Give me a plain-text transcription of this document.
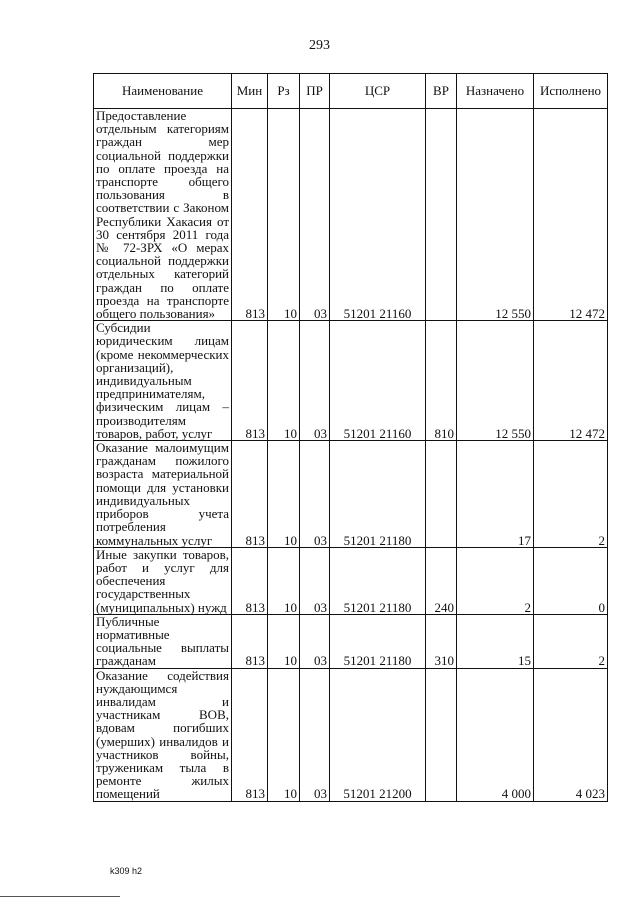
293
Наименование	Мин	Рз	ПР	ЦСР	ВР	Назначено	Исполнено
Предоставление отдельным категориям граждан мер социальной поддержки по оплате проезда на транспорте общего пользования в соответствии с Законом Республики Хакасия от 30 сентября 2011 года № 72-ЗРХ «О мерах социальной поддержки отдельных категорий граждан по оплате проезда на транспорте общего пользования»	813	10	03	51201 21160		12 550	12 472
Субсидии юридическим лицам (кроме некоммерческих организаций), индивидуальным предпринимателям, физическим лицам – производителям товаров, работ, услуг	813	10	03	51201 21160	810	12 550	12 472
Оказание малоимущим гражданам пожилого возраста материальной помощи для установки индивидуальных приборов учета потребления коммунальных услуг	813	10	03	51201 21180		17	2
Иные закупки товаров, работ и услуг для обеспечения государственных (муниципальных) нужд	813	10	03	51201 21180	240	2	0
Публичные нормативные социальные выплаты гражданам	813	10	03	51201 21180	310	15	2
Оказание содействия нуждающимся инвалидам и участникам ВОВ, вдовам погибших (умерших) инвалидов и участников войны, труженикам тыла в ремонте жилых помещений	813	10	03	51201 21200		4 000	4 023
k309 h2
